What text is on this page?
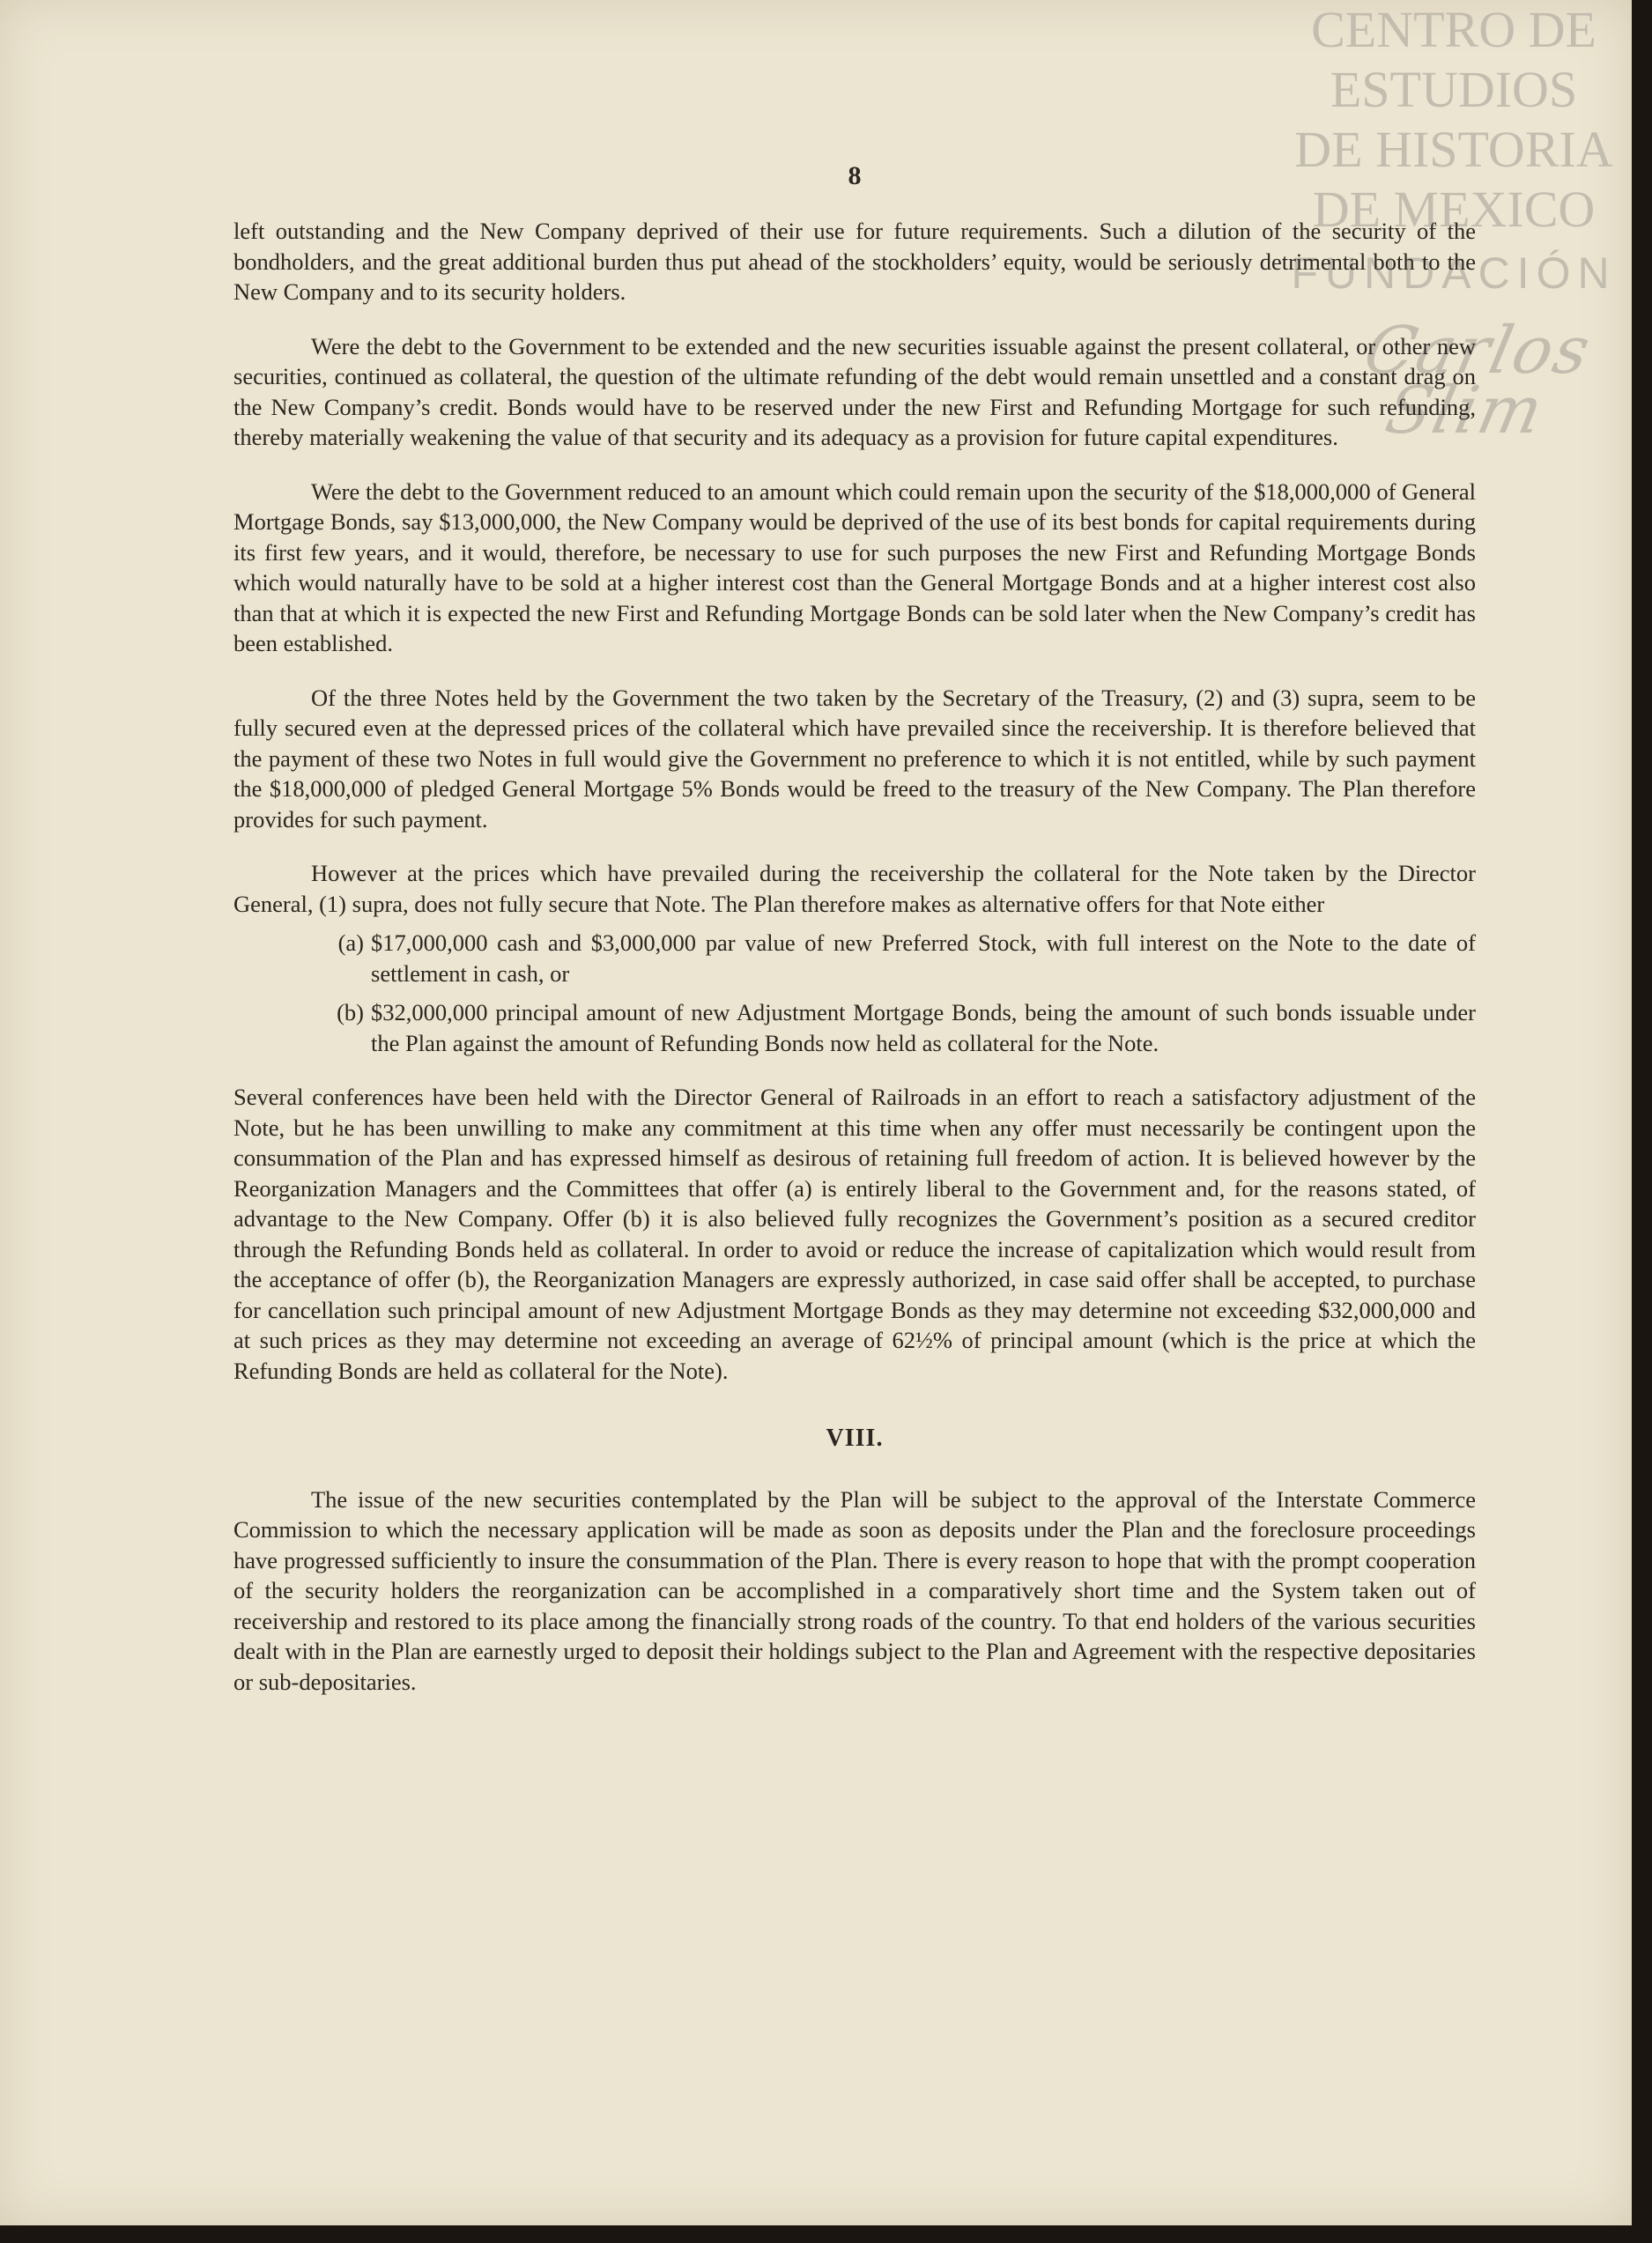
CENTRO DE
ESTUDIOS
DE HISTORIA
DE MEXICO
FUNDACIÓN
Carlos Slim
8

left outstanding and the New Company deprived of their use for future requirements. Such a dilution of the security of the bondholders, and the great additional burden thus put ahead of the stockholders’ equity, would be seriously detrimental both to the New Company and to its security holders.

Were the debt to the Government to be extended and the new securities issuable against the present collateral, or other new securities, continued as collateral, the question of the ultimate refunding of the debt would remain unsettled and a constant drag on the New Company’s credit. Bonds would have to be reserved under the new First and Refunding Mortgage for such refunding, thereby materially weakening the value of that security and its adequacy as a provision for future capital expenditures.

Were the debt to the Government reduced to an amount which could remain upon the security of the $18,000,000 of General Mortgage Bonds, say $13,000,000, the New Company would be deprived of the use of its best bonds for capital requirements during its first few years, and it would, therefore, be necessary to use for such purposes the new First and Refunding Mortgage Bonds which would naturally have to be sold at a higher interest cost than the General Mortgage Bonds and at a higher interest cost also than that at which it is expected the new First and Refunding Mortgage Bonds can be sold later when the New Company’s credit has been established.

Of the three Notes held by the Government the two taken by the Secretary of the Treasury, (2) and (3) supra, seem to be fully secured even at the depressed prices of the collateral which have prevailed since the receivership. It is therefore believed that the payment of these two Notes in full would give the Government no preference to which it is not entitled, while by such payment the $18,000,000 of pledged General Mortgage 5% Bonds would be freed to the treasury of the New Company. The Plan therefore provides for such payment.

However at the prices which have prevailed during the receivership the collateral for the Note taken by the Director General, (1) supra, does not fully secure that Note. The Plan therefore makes as alternative offers for that Note either

(a) $17,000,000 cash and $3,000,000 par value of new Preferred Stock, with full interest on the Note to the date of settlement in cash, or
(b) $32,000,000 principal amount of new Adjustment Mortgage Bonds, being the amount of such bonds issuable under the Plan against the amount of Refunding Bonds now held as collateral for the Note.

Several conferences have been held with the Director General of Railroads in an effort to reach a satisfactory adjustment of the Note, but he has been unwilling to make any commitment at this time when any offer must necessarily be contingent upon the consummation of the Plan and has expressed himself as desirous of retaining full freedom of action. It is believed however by the Reorganization Managers and the Committees that offer (a) is entirely liberal to the Government and, for the reasons stated, of advantage to the New Company. Offer (b) it is also believed fully recognizes the Government’s position as a secured creditor through the Refunding Bonds held as collateral. In order to avoid or reduce the increase of capitalization which would result from the acceptance of offer (b), the Reorganization Managers are expressly authorized, in case said offer shall be accepted, to purchase for cancellation such principal amount of new Adjustment Mortgage Bonds as they may determine not exceeding $32,000,000 and at such prices as they may determine not exceeding an average of 62½% of principal amount (which is the price at which the Refunding Bonds are held as collateral for the Note).

VIII.

The issue of the new securities contemplated by the Plan will be subject to the approval of the Interstate Commerce Commission to which the necessary application will be made as soon as deposits under the Plan and the foreclosure proceedings have progressed sufficiently to insure the consummation of the Plan. There is every reason to hope that with the prompt cooperation of the security holders the reorganization can be accomplished in a comparatively short time and the System taken out of receivership and restored to its place among the financially strong roads of the country. To that end holders of the various securities dealt with in the Plan are earnestly urged to deposit their holdings subject to the Plan and Agreement with the respective depositaries or sub-depositaries.
